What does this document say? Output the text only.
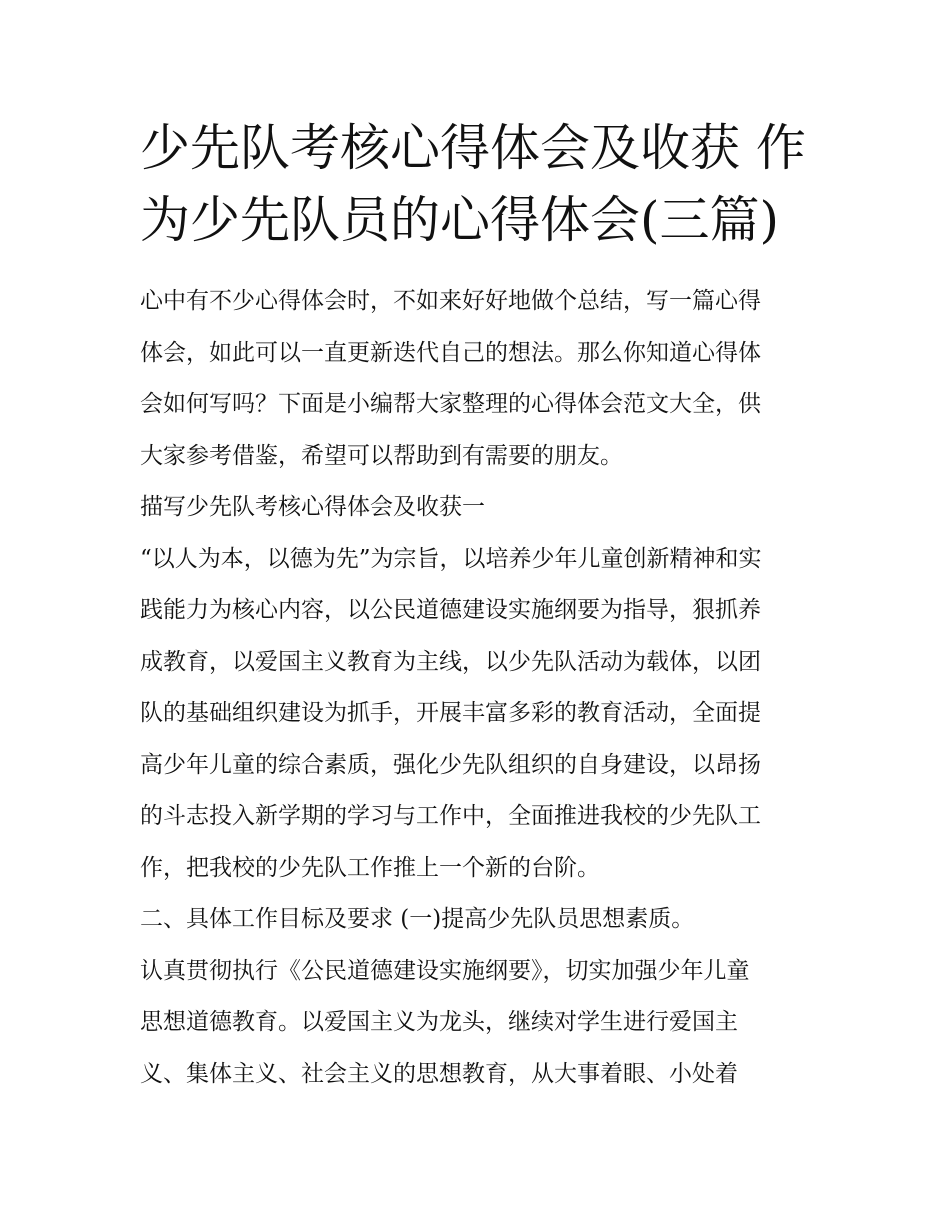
少先队考核心得体会及收获 作
为少先队员的心得体会(三篇)
心中有不少心得体会时，不如来好好地做个总结，写一篇心得
体会，如此可以一直更新迭代自己的想法。那么你知道心得体
会如何写吗？下面是小编帮大家整理的心得体会范文大全，供
大家参考借鉴，希望可以帮助到有需要的朋友。
描写少先队考核心得体会及收获一
“以人为本，以德为先”为宗旨，以培养少年儿童创新精神和实
践能力为核心内容，以公民道德建设实施纲要为指导，狠抓养
成教育，以爱国主义教育为主线，以少先队活动为载体，以团
队的基础组织建设为抓手，开展丰富多彩的教育活动，全面提
高少年儿童的综合素质，强化少先队组织的自身建设，以昂扬
的斗志投入新学期的学习与工作中，全面推进我校的少先队工
作，把我校的少先队工作推上一个新的台阶。
二、具体工作目标及要求 (一)提高少先队员思想素质。
认真贯彻执行《公民道德建设实施纲要》，切实加强少年儿童
思想道德教育。以爱国主义为龙头，继续对学生进行爱国主
义、集体主义、社会主义的思想教育，从大事着眼、小处着
